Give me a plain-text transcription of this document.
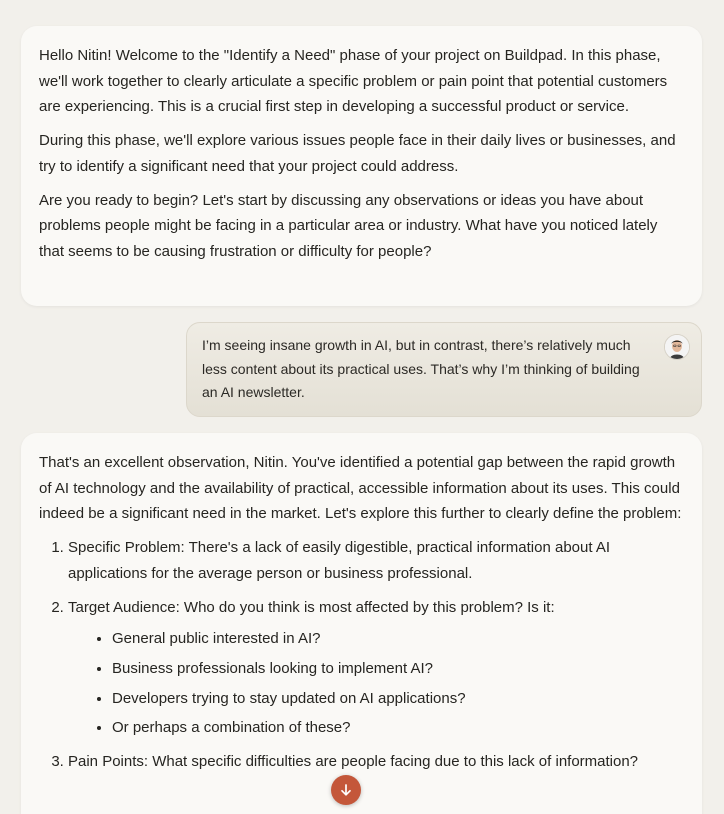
Hello Nitin! Welcome to the "Identify a Need" phase of your project on Buildpad. In this phase, we'll work together to clearly articulate a specific problem or pain point that potential customers are experiencing. This is a crucial first step in developing a successful product or service.

During this phase, we'll explore various issues people face in their daily lives or businesses, and try to identify a significant need that your project could address.

Are you ready to begin? Let's start by discussing any observations or ideas you have about problems people might be facing in a particular area or industry. What have you noticed lately that seems to be causing frustration or difficulty for people?

I’m seeing insane growth in AI, but in contrast, there’s relatively much less content about its practical uses. That’s why I’m thinking of building an AI newsletter.

That's an excellent observation, Nitin. You've identified a potential gap between the rapid growth of AI technology and the availability of practical, accessible information about its uses. This could indeed be a significant need in the market. Let's explore this further to clearly define the problem:

1. Specific Problem: There's a lack of easily digestible, practical information about AI applications for the average person or business professional.
2. Target Audience: Who do you think is most affected by this problem? Is it:
• General public interested in AI?
• Business professionals looking to implement AI?
• Developers trying to stay updated on AI applications?
• Or perhaps a combination of these?
3. Pain Points: What specific difficulties are people facing due to this lack of information?
